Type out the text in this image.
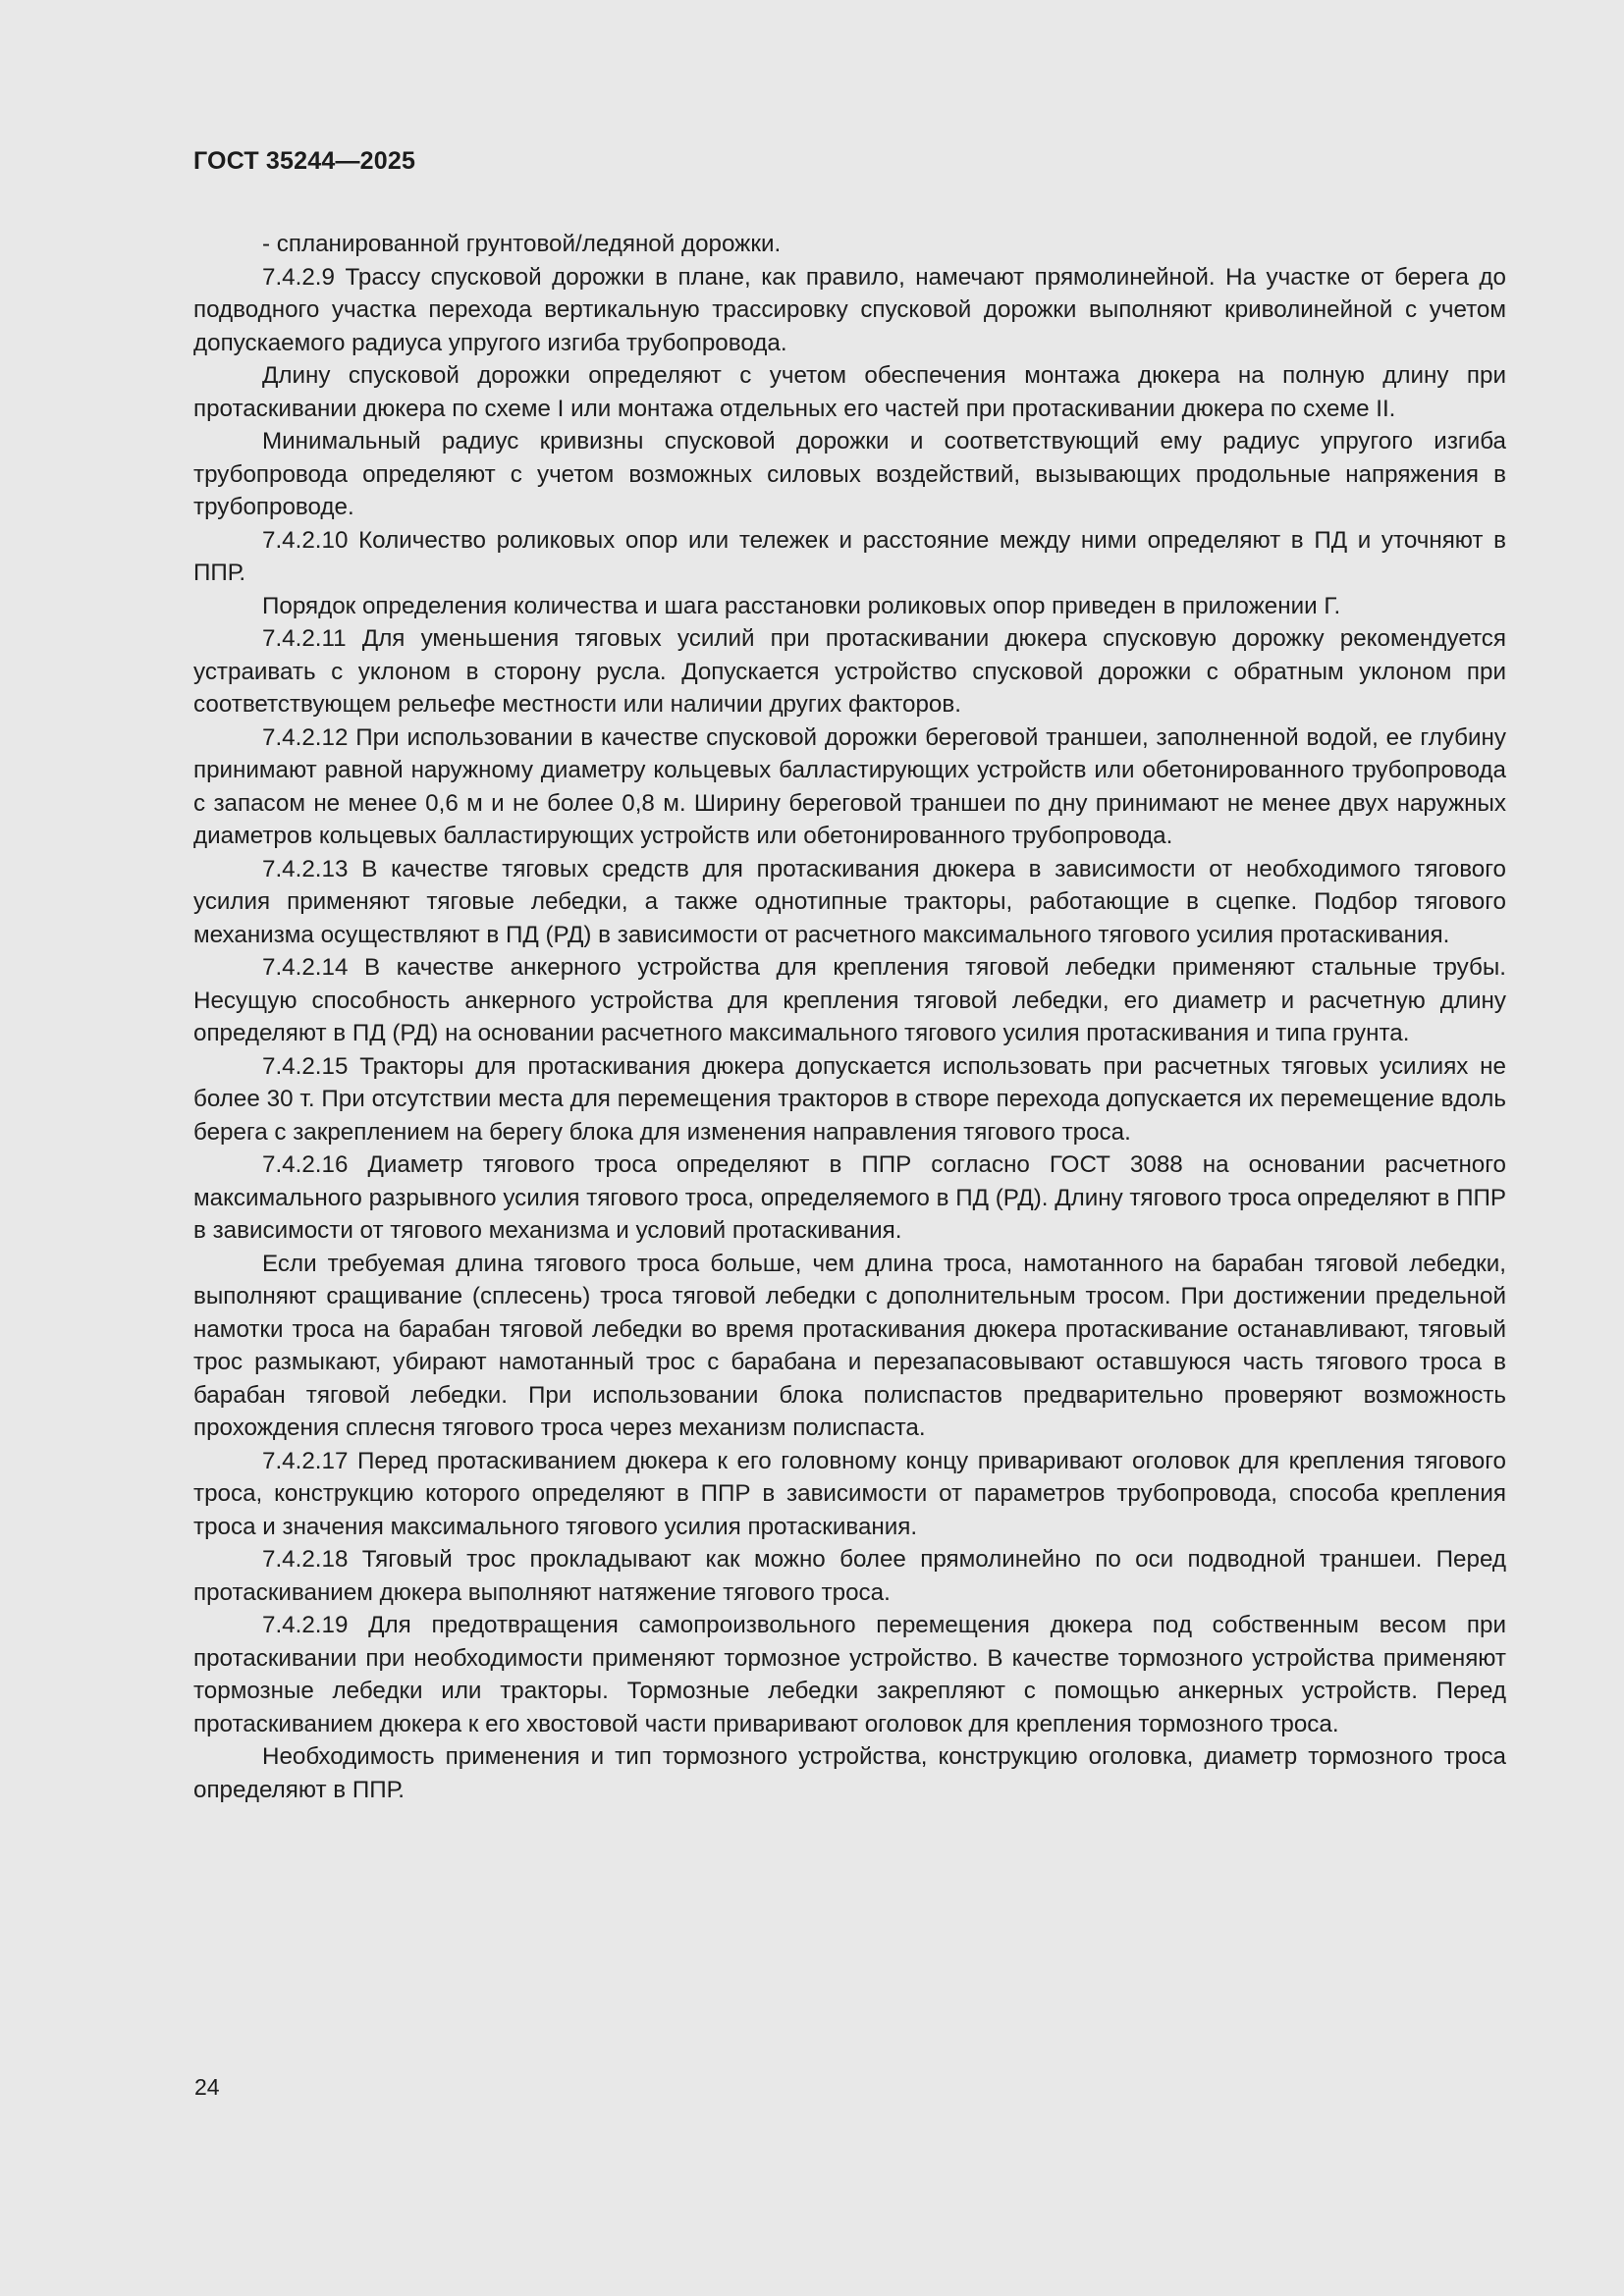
ГОСТ 35244—2025

- спланированной грунтовой/ледяной дорожки.

7.4.2.9 Трассу спусковой дорожки в плане, как правило, намечают прямолинейной. На участке от берега до подводного участка перехода вертикальную трассировку спусковой дорожки выполняют криволинейной с учетом допускаемого радиуса упругого изгиба трубопровода.

Длину спусковой дорожки определяют с учетом обеспечения монтажа дюкера на полную длину при протаскивании дюкера по схеме I или монтажа отдельных его частей при протаскивании дюкера по схеме II.

Минимальный радиус кривизны спусковой дорожки и соответствующий ему радиус упругого изгиба трубопровода определяют с учетом возможных силовых воздействий, вызывающих продольные напряжения в трубопроводе.

7.4.2.10 Количество роликовых опор или тележек и расстояние между ними определяют в ПД и уточняют в ППР.

Порядок определения количества и шага расстановки роликовых опор приведен в приложении Г.

7.4.2.11 Для уменьшения тяговых усилий при протаскивании дюкера спусковую дорожку рекомендуется устраивать с уклоном в сторону русла. Допускается устройство спусковой дорожки с обратным уклоном при соответствующем рельефе местности или наличии других факторов.

7.4.2.12 При использовании в качестве спусковой дорожки береговой траншеи, заполненной водой, ее глубину принимают равной наружному диаметру кольцевых балластирующих устройств или обетонированного трубопровода с запасом не менее 0,6 м и не более 0,8 м. Ширину береговой траншеи по дну принимают не менее двух наружных диаметров кольцевых балластирующих устройств или обетонированного трубопровода.

7.4.2.13 В качестве тяговых средств для протаскивания дюкера в зависимости от необходимого тягового усилия применяют тяговые лебедки, а также однотипные тракторы, работающие в сцепке. Подбор тягового механизма осуществляют в ПД (РД) в зависимости от расчетного максимального тягового усилия протаскивания.

7.4.2.14 В качестве анкерного устройства для крепления тяговой лебедки применяют стальные трубы. Несущую способность анкерного устройства для крепления тяговой лебедки, его диаметр и расчетную длину определяют в ПД (РД) на основании расчетного максимального тягового усилия протаскивания и типа грунта.

7.4.2.15 Тракторы для протаскивания дюкера допускается использовать при расчетных тяговых усилиях не более 30 т. При отсутствии места для перемещения тракторов в створе перехода допускается их перемещение вдоль берега с закреплением на берегу блока для изменения направления тягового троса.

7.4.2.16 Диаметр тягового троса определяют в ППР согласно ГОСТ 3088 на основании расчетного максимального разрывного усилия тягового троса, определяемого в ПД (РД). Длину тягового троса определяют в ППР в зависимости от тягового механизма и условий протаскивания.

Если требуемая длина тягового троса больше, чем длина троса, намотанного на барабан тяговой лебедки, выполняют сращивание (сплесень) троса тяговой лебедки с дополнительным тросом. При достижении предельной намотки троса на барабан тяговой лебедки во время протаскивания дюкера протаскивание останавливают, тяговый трос размыкают, убирают намотанный трос с барабана и перезапасовывают оставшуюся часть тягового троса в барабан тяговой лебедки. При использовании блока полиспастов предварительно проверяют возможность прохождения сплесня тягового троса через механизм полиспаста.

7.4.2.17 Перед протаскиванием дюкера к его головному концу приваривают оголовок для крепления тягового троса, конструкцию которого определяют в ППР в зависимости от параметров трубопровода, способа крепления троса и значения максимального тягового усилия протаскивания.

7.4.2.18 Тяговый трос прокладывают как можно более прямолинейно по оси подводной траншеи. Перед протаскиванием дюкера выполняют натяжение тягового троса.

7.4.2.19 Для предотвращения самопроизвольного перемещения дюкера под собственным весом при протаскивании при необходимости применяют тормозное устройство. В качестве тормозного устройства применяют тормозные лебедки или тракторы. Тормозные лебедки закрепляют с помощью анкерных устройств. Перед протаскиванием дюкера к его хвостовой части приваривают оголовок для крепления тормозного троса.

Необходимость применения и тип тормозного устройства, конструкцию оголовка, диаметр тормозного троса определяют в ППР.

24
